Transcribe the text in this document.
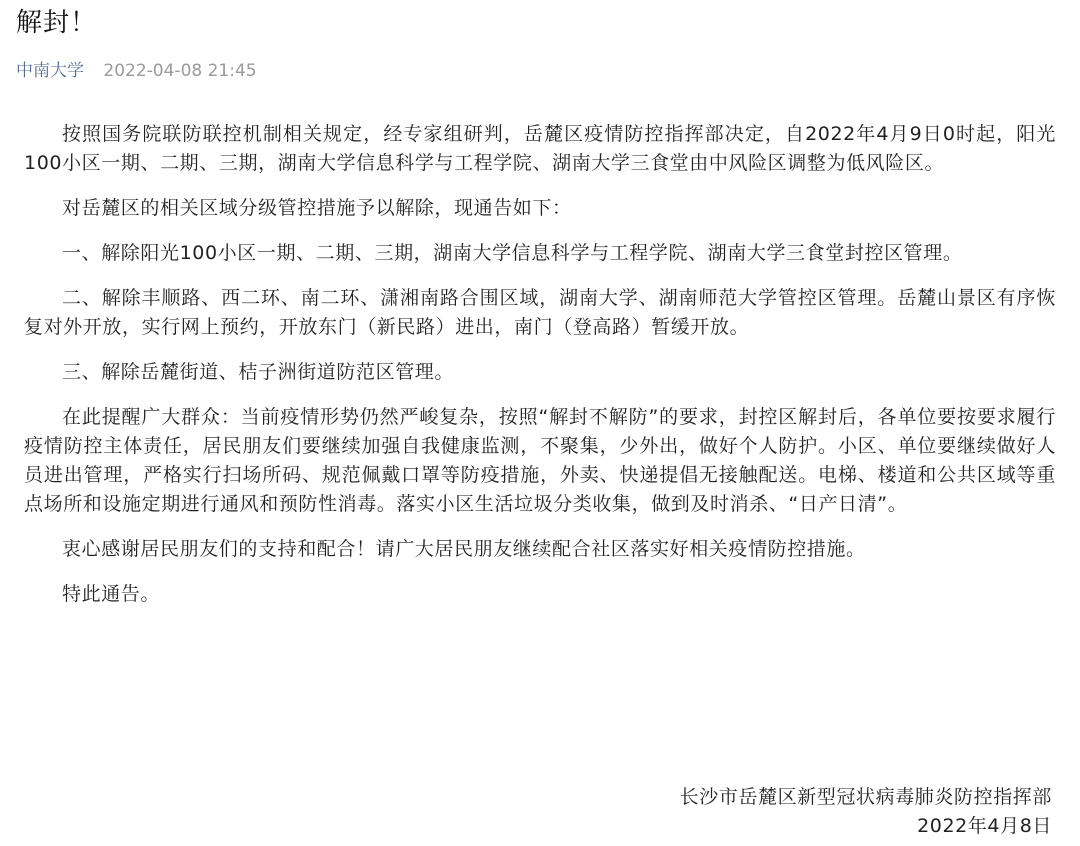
解封！
中南大学 2022-04-08 21:45

按照国务院联防联控机制相关规定，经专家组研判，岳麓区疫情防控指挥部决定，自2022年4月9日0时起，阳光100小区一期、二期、三期，湖南大学信息科学与工程学院、湖南大学三食堂由中风险区调整为低风险区。

对岳麓区的相关区域分级管控措施予以解除，现通告如下：

一、解除阳光100小区一期、二期、三期，湖南大学信息科学与工程学院、湖南大学三食堂封控区管理。

二、解除丰顺路、西二环、南二环、潇湘南路合围区域，湖南大学、湖南师范大学管控区管理。岳麓山景区有序恢复对外开放，实行网上预约，开放东门（新民路）进出，南门（登高路）暂缓开放。

三、解除岳麓街道、桔子洲街道防范区管理。

在此提醒广大群众：当前疫情形势仍然严峻复杂，按照“解封不解防”的要求，封控区解封后，各单位要按要求履行疫情防控主体责任，居民朋友们要继续加强自我健康监测，不聚集，少外出，做好个人防护。小区、单位要继续做好人员进出管理，严格实行扫场所码、规范佩戴口罩等防疫措施，外卖、快递提倡无接触配送。电梯、楼道和公共区域等重点场所和设施定期进行通风和预防性消毒。落实小区生活垃圾分类收集，做到及时消杀、“日产日清”。

衷心感谢居民朋友们的支持和配合！请广大居民朋友继续配合社区落实好相关疫情防控措施。

特此通告。

长沙市岳麓区新型冠状病毒肺炎防控指挥部
2022年4月8日
